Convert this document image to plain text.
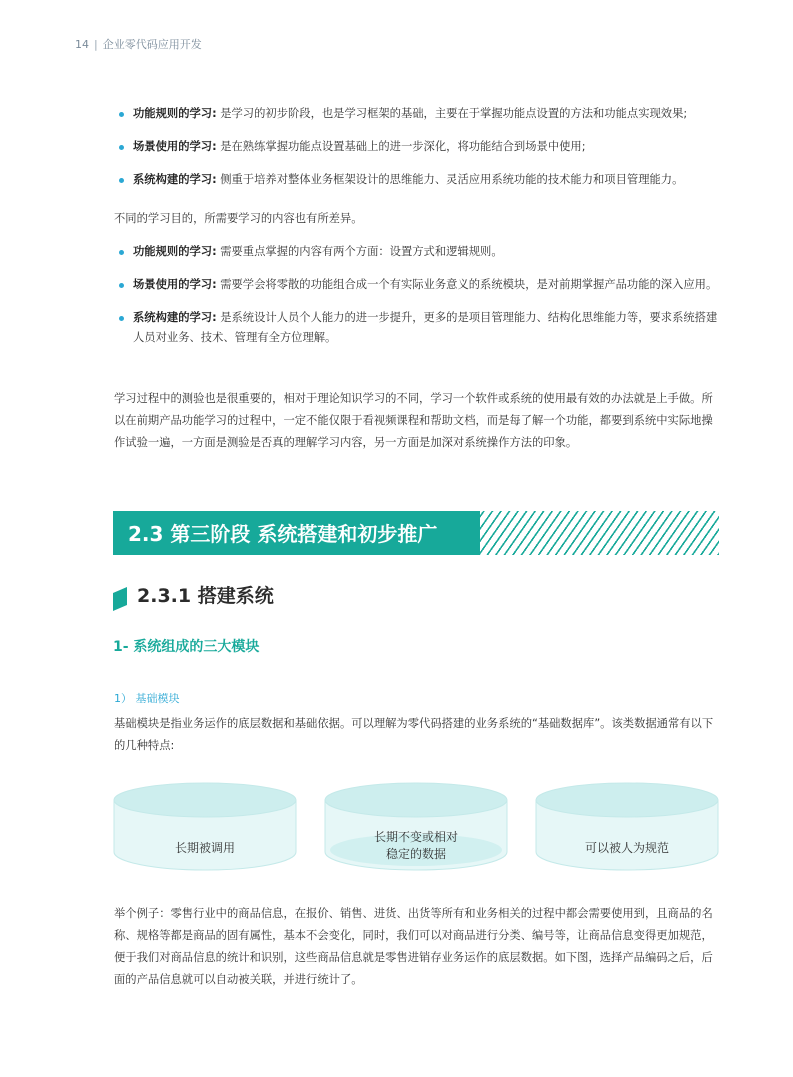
14 | 企业零代码应用开发
功能规则的学习: 是学习的初步阶段，也是学习框架的基础，主要在于掌握功能点设置的方法和功能点实现效果;
场景使用的学习: 是在熟练掌握功能点设置基础上的进一步深化，将功能结合到场景中使用;
系统构建的学习: 侧重于培养对整体业务框架设计的思维能力、灵活应用系统功能的技术能力和项目管理能力。

不同的学习目的，所需要学习的内容也有所差异。

功能规则的学习: 需要重点掌握的内容有两个方面：设置方式和逻辑规则。
场景使用的学习: 需要学会将零散的功能组合成一个有实际业务意义的系统模块，是对前期掌握产品功能的深入应用。
系统构建的学习: 是系统设计人员个人能力的进一步提升，更多的是项目管理能力、结构化思维能力等，要求系统搭建人员对业务、技术、管理有全方位理解。

学习过程中的测验也是很重要的，相对于理论知识学习的不同，学习一个软件或系统的使用最有效的办法就是上手做。所以在前期产品功能学习的过程中，一定不能仅限于看视频课程和帮助文档，而是每了解一个功能，都要到系统中实际地操作试验一遍，一方面是测验是否真的理解学习内容，另一方面是加深对系统操作方法的印象。

2.3 第三阶段 系统搭建和初步推广
2.3.1 搭建系统
1- 系统组成的三大模块
1） 基础模块

基础模块是指业务运作的底层数据和基础依据。可以理解为零代码搭建的业务系统的“基础数据库”。该类数据通常有以下的几种特点:

长期被调用
长期不变或相对
稳定的数据	可以被人为规范

举个例子：零售行业中的商品信息，在报价、销售、进货、出货等所有和业务相关的过程中都会需要使用到，且商品的名称、规格等都是商品的固有属性，基本不会变化，同时，我们可以对商品进行分类、编号等，让商品信息变得更加规范，便于我们对商品信息的统计和识别，这些商品信息就是零售进销存业务运作的底层数据。如下图，选择产品编码之后，后面的产品信息就可以自动被关联，并进行统计了。
